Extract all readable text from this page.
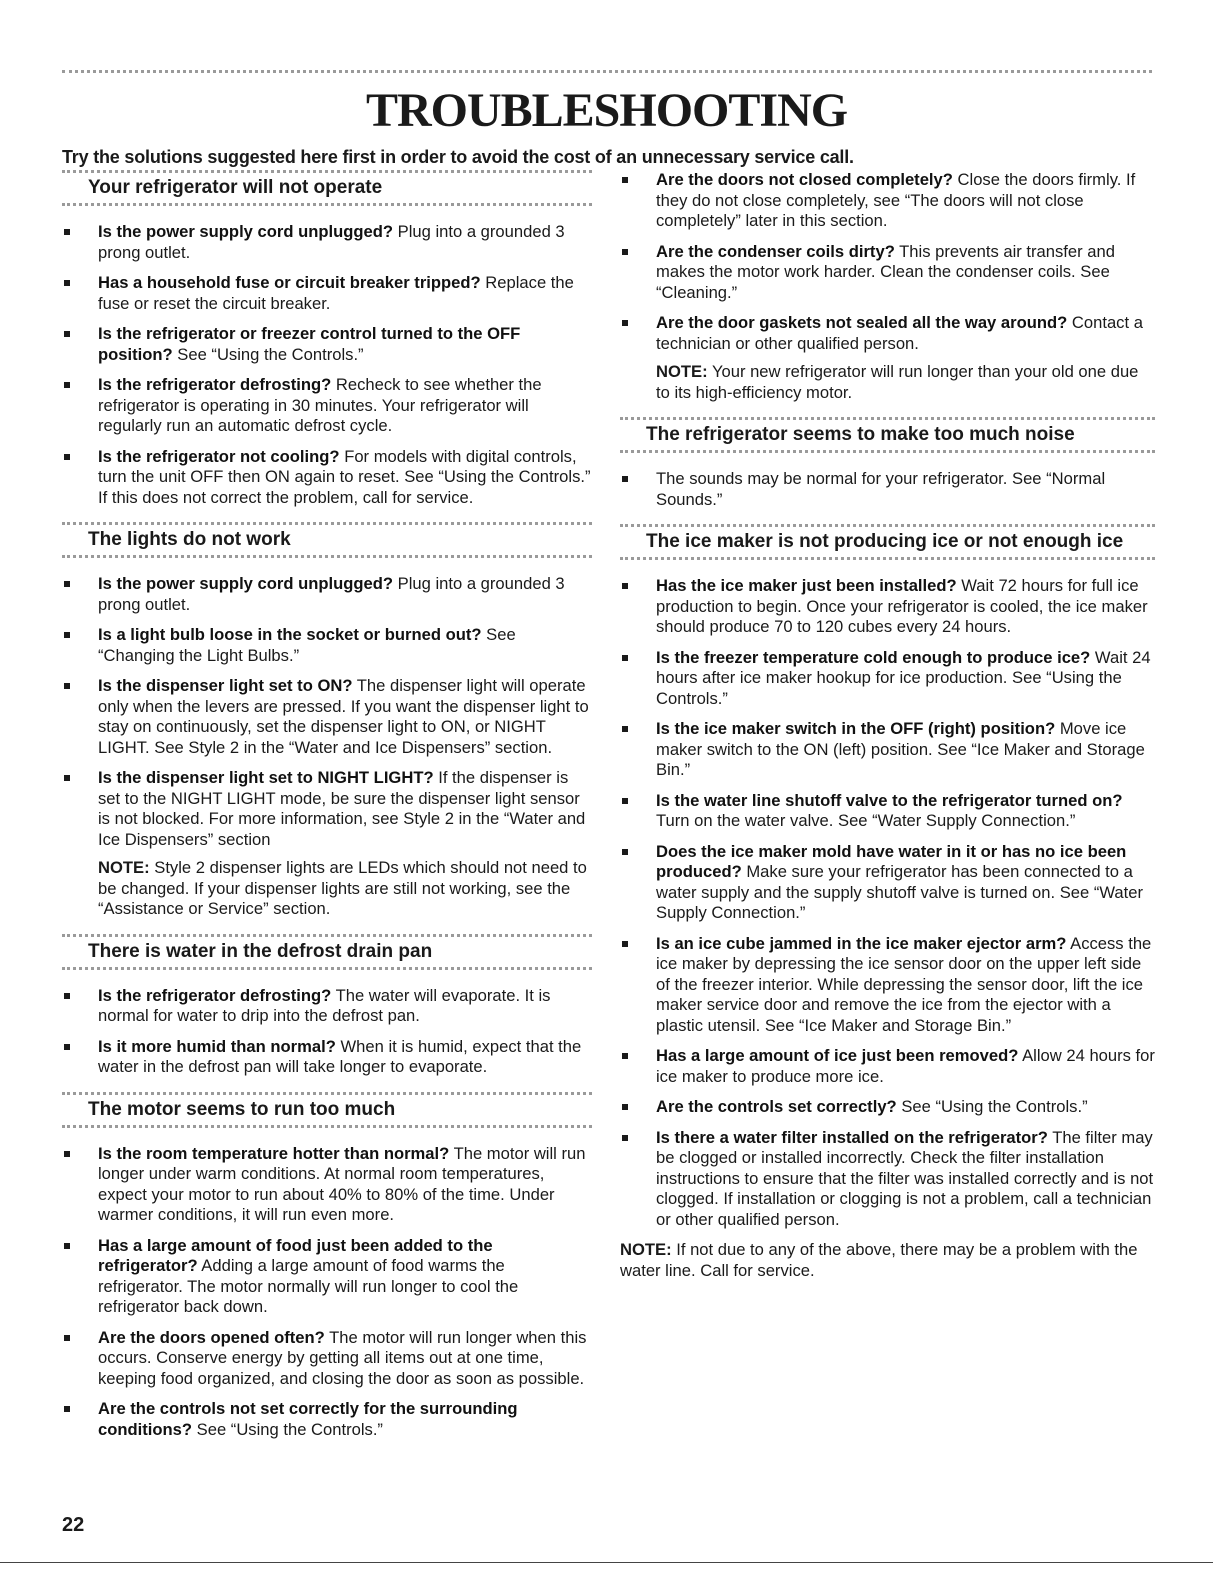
TROUBLESHOOTING

Try the solutions suggested here first in order to avoid the cost of an unnecessary service call.

Your refrigerator will not operate
Is the power supply cord unplugged? Plug into a grounded 3 prong outlet.
Has a household fuse or circuit breaker tripped? Replace the fuse or reset the circuit breaker.
Is the refrigerator or freezer control turned to the OFF position? See “Using the Controls.”
Is the refrigerator defrosting? Recheck to see whether the refrigerator is operating in 30 minutes. Your refrigerator will regularly run an automatic defrost cycle.
Is the refrigerator not cooling? For models with digital controls, turn the unit OFF then ON again to reset. See “Using the Controls.” If this does not correct the problem, call for service.
The lights do not work
Is the power supply cord unplugged? Plug into a grounded 3 prong outlet.
Is a light bulb loose in the socket or burned out? See “Changing the Light Bulbs.”
Is the dispenser light set to ON? The dispenser light will operate only when the levers are pressed. If you want the dispenser light to stay on continuously, set the dispenser light to ON, or NIGHT LIGHT. See Style 2 in the “Water and Ice Dispensers” section.
Is the dispenser light set to NIGHT LIGHT? If the dispenser is set to the NIGHT LIGHT mode, be sure the dispenser light sensor is not blocked. For more information, see Style 2 in the “Water and Ice Dispensers” section

NOTE: Style 2 dispenser lights are LEDs which should not need to be changed. If your dispenser lights are still not working, see the “Assistance or Service” section.

There is water in the defrost drain pan
Is the refrigerator defrosting? The water will evaporate. It is normal for water to drip into the defrost pan.
Is it more humid than normal? When it is humid, expect that the water in the defrost pan will take longer to evaporate.
The motor seems to run too much
Is the room temperature hotter than normal? The motor will run longer under warm conditions. At normal room temperatures, expect your motor to run about 40% to 80% of the time. Under warmer conditions, it will run even more.
Has a large amount of food just been added to the refrigerator? Adding a large amount of food warms the refrigerator. The motor normally will run longer to cool the refrigerator back down.
Are the doors opened often? The motor will run longer when this occurs. Conserve energy by getting all items out at one time, keeping food organized, and closing the door as soon as possible.
Are the controls not set correctly for the surrounding conditions? See “Using the Controls.”
Are the doors not closed completely? Close the doors firmly. If they do not close completely, see “The doors will not close completely” later in this section.
Are the condenser coils dirty? This prevents air transfer and makes the motor work harder. Clean the condenser coils. See “Cleaning.”
Are the door gaskets not sealed all the way around? Contact a technician or other qualified person.

NOTE: Your new refrigerator will run longer than your old one due to its high-efficiency motor.

The refrigerator seems to make too much noise
The sounds may be normal for your refrigerator. See “Normal Sounds.”
The ice maker is not producing ice or not enough ice
Has the ice maker just been installed? Wait 72 hours for full ice production to begin. Once your refrigerator is cooled, the ice maker should produce 70 to 120 cubes every 24 hours.
Is the freezer temperature cold enough to produce ice? Wait 24 hours after ice maker hookup for ice production. See “Using the Controls.”
Is the ice maker switch in the OFF (right) position? Move ice maker switch to the ON (left) position. See “Ice Maker and Storage Bin.”
Is the water line shutoff valve to the refrigerator turned on? Turn on the water valve. See “Water Supply Connection.”
Does the ice maker mold have water in it or has no ice been produced? Make sure your refrigerator has been connected to a water supply and the supply shutoff valve is turned on. See “Water Supply Connection.”
Is an ice cube jammed in the ice maker ejector arm? Access the ice maker by depressing the ice sensor door on the upper left side of the freezer interior. While depressing the sensor door, lift the ice maker service door and remove the ice from the ejector with a plastic utensil. See “Ice Maker and Storage Bin.”
Has a large amount of ice just been removed? Allow 24 hours for ice maker to produce more ice.
Are the controls set correctly? See “Using the Controls.”
Is there a water filter installed on the refrigerator? The filter may be clogged or installed incorrectly. Check the filter installation instructions to ensure that the filter was installed correctly and is not clogged. If installation or clogging is not a problem, call a technician or other qualified person.

NOTE: If not due to any of the above, there may be a problem with the water line. Call for service.

22
